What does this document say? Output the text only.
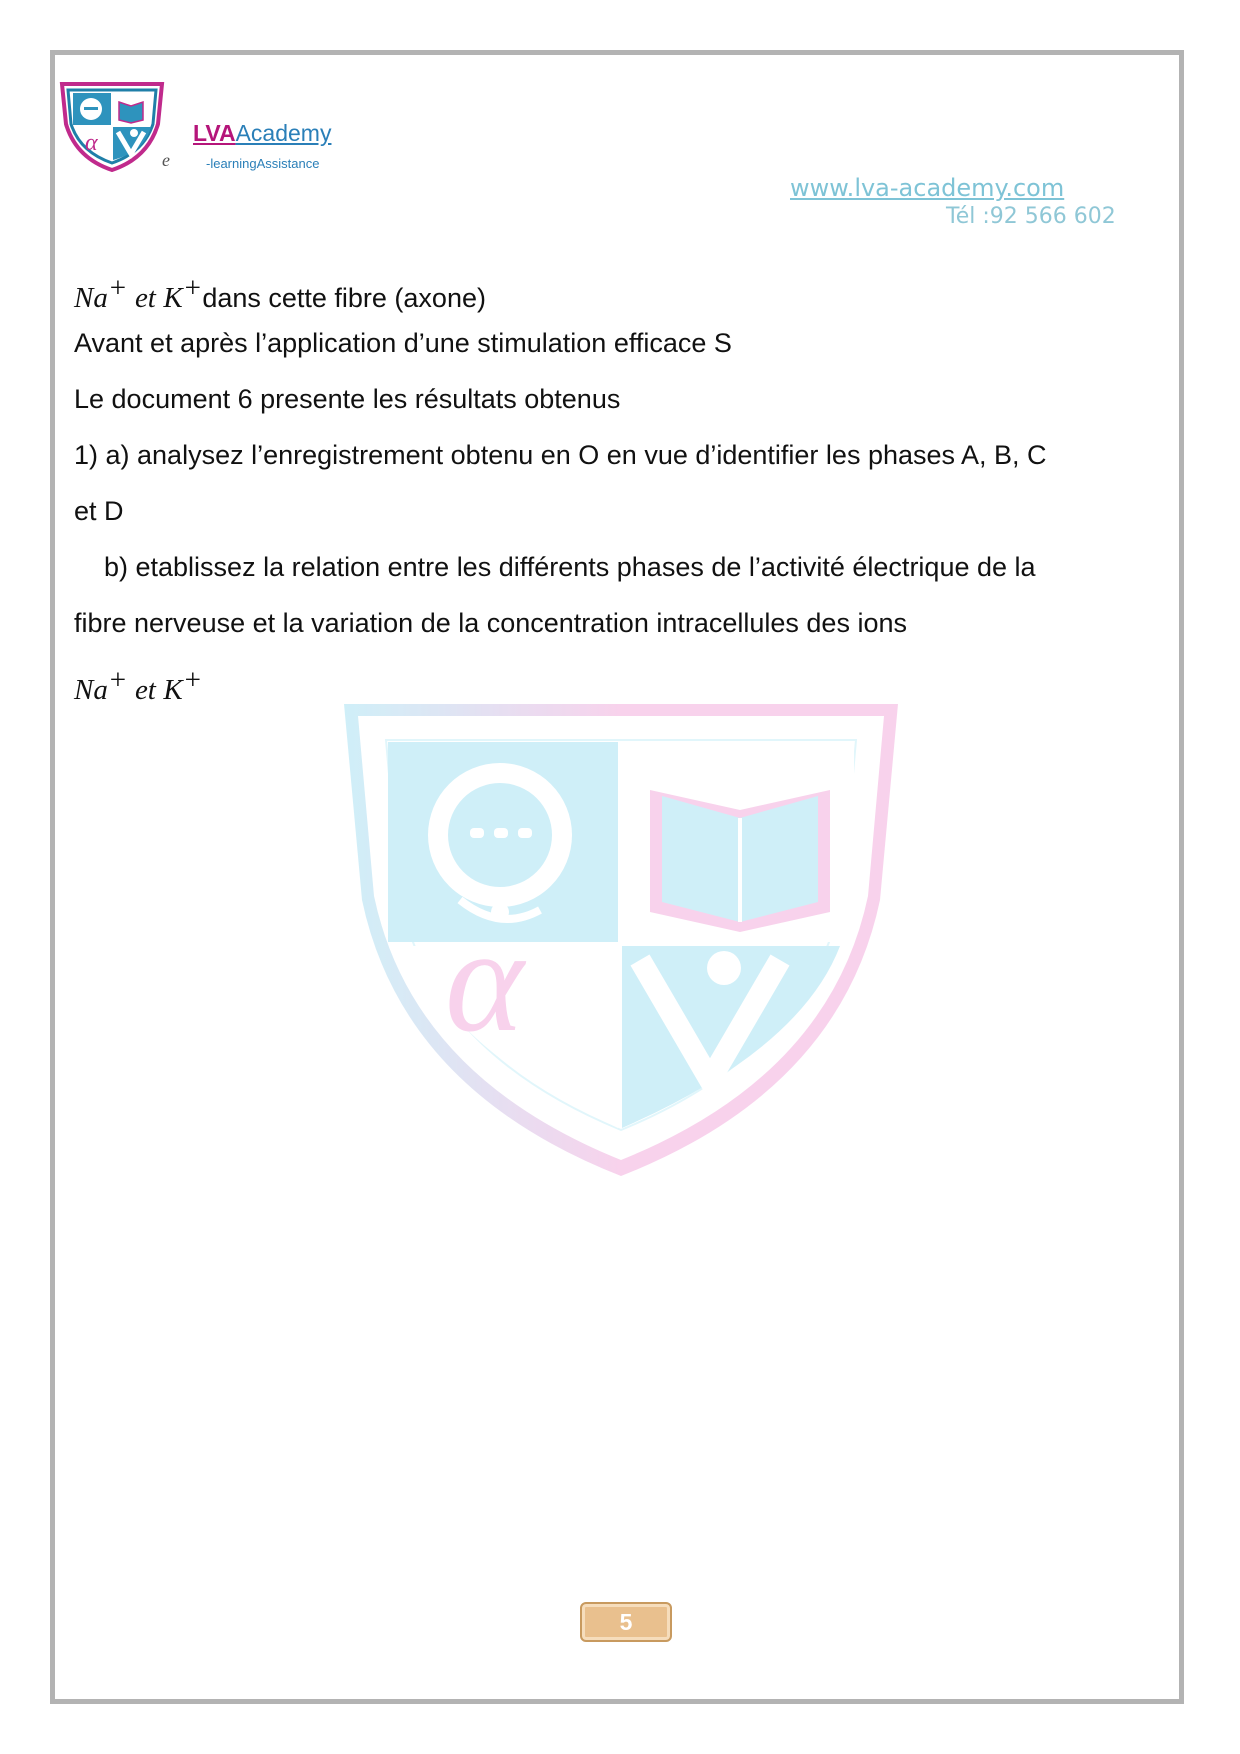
α	LVAAcademy
e	-learningAssistance
www.lva-academy.com
Tél :92 566 602
α
Na+ et K+dans cette fibre (axone)
Avant et après l’application d’une stimulation efficace S
Le document 6 presente les résultats obtenus
1) a) analysez l’enregistrement obtenu en O en vue d’identifier les phases A, B, C
et D
b) etablissez la relation entre les différents phases de l’activité électrique de la
fibre nerveuse et la variation de la concentration intracellules des ions
Na+ et K+
5
